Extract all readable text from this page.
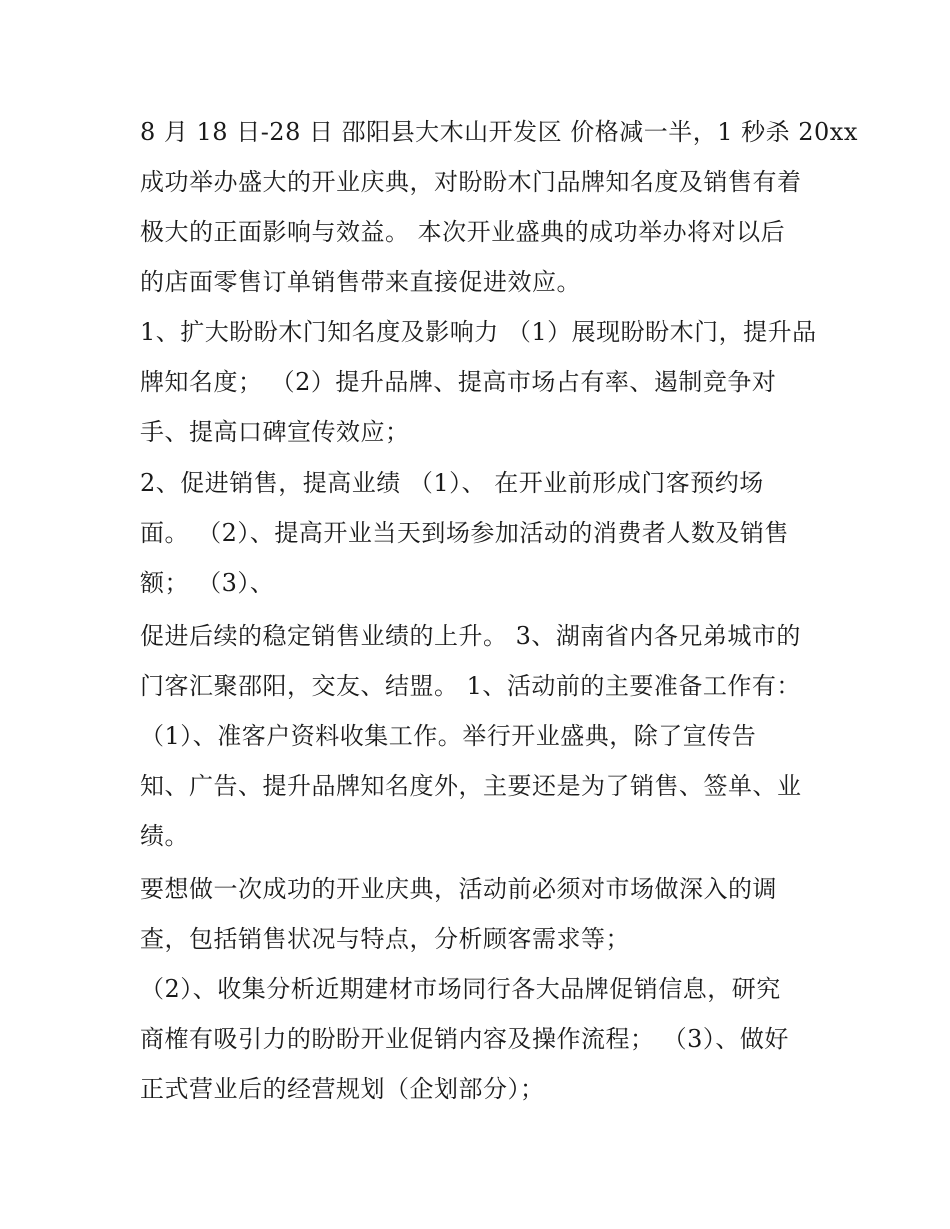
8 月 18 日-28 日 邵阳县大木山开发区 价格减一半，1 秒杀 20xx
成功举办盛大的开业庆典，对盼盼木门品牌知名度及销售有着
极大的正面影响与效益。 本次开业盛典的成功举办将对以后
的店面零售订单销售带来直接促进效应。
1、扩大盼盼木门知名度及影响力 （1）展现盼盼木门，提升品
牌知名度； （2）提升品牌、提高市场占有率、遏制竞争对
手、提高口碑宣传效应；
2、促进销售，提高业绩 （1）、 在开业前形成门客预约场
面。 （2）、提高开业当天到场参加活动的消费者人数及销售
额； （3）、
促进后续的稳定销售业绩的上升。 3、湖南省内各兄弟城市的
门客汇聚邵阳，交友、结盟。 1、活动前的主要准备工作有：
（1）、准客户资料收集工作。举行开业盛典，除了宣传告
知、广告、提升品牌知名度外，主要还是为了销售、签单、业
绩。
要想做一次成功的开业庆典，活动前必须对市场做深入的调
查，包括销售状况与特点，分析顾客需求等；
（2）、收集分析近期建材市场同行各大品牌促销信息，研究
商榷有吸引力的盼盼开业促销内容及操作流程； （3）、做好
正式营业后的经营规划（企划部分）；
